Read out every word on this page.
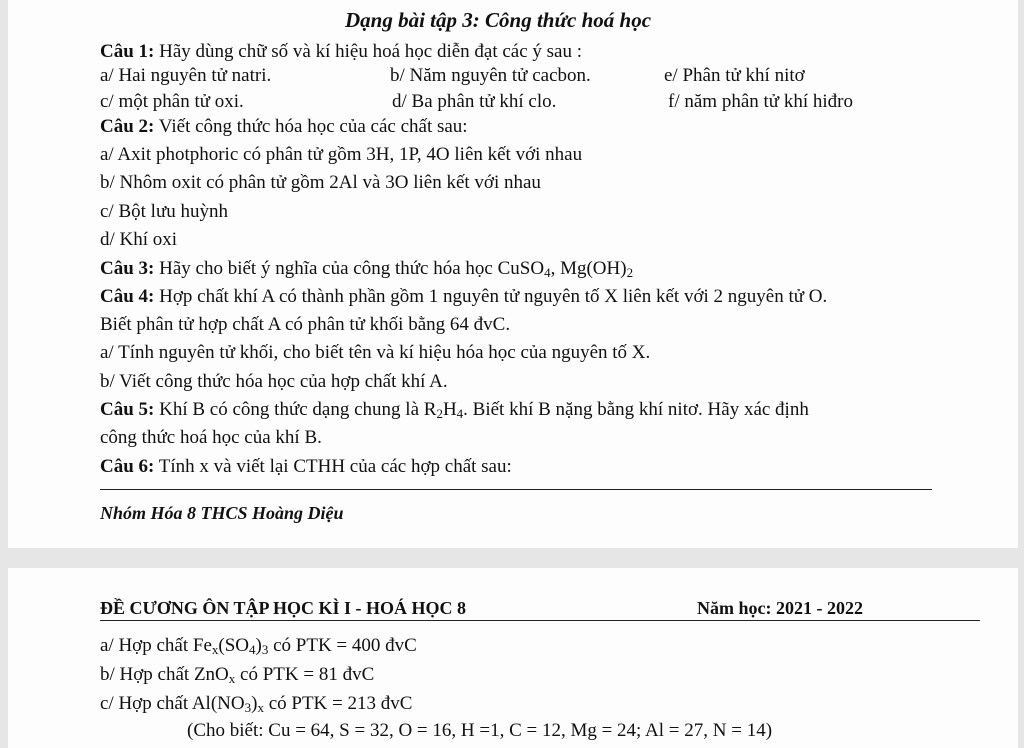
Dạng bài tập 3: Công thức hoá học
Câu 1: Hãy dùng chữ số và kí hiệu hoá học diễn đạt các ý sau :
a/ Hai nguyên tử natri.	b/ Năm nguyên tử cacbon.	e/ Phân tử khí nitơ
c/ một phân tử oxi.	d/ Ba phân tử khí clo.	f/ năm phân tử khí hiđro
Câu 2: Viết công thức hóa học của các chất sau:
a/ Axit photphoric có phân tử gồm 3H, 1P, 4O liên kết với nhau
b/ Nhôm oxit có phân tử gồm 2Al và 3O liên kết với nhau
c/ Bột lưu huỳnh
d/ Khí oxi
Câu 3: Hãy cho biết ý nghĩa của công thức hóa học CuSO$_4$, $Mg(OH)_2$
Câu 4: Hợp chất khí A có thành phần gồm 1 nguyên tử nguyên tố X liên kết với 2 nguyên tử O.
Biết phân tử hợp chất A có phân tử khối bằng 64 đvC.
a/ Tính nguyên tử khối, cho biết tên và kí hiệu hóa học của nguyên tố X.
b/ Viết công thức hóa học của hợp chất khí A.
Câu 5: Khí B có công thức dạng chung là $R_2H_4$. Biết khí B nặng bằng khí nitơ. Hãy xác định
công thức hoá học của khí B.
Câu 6: Tính x và viết lại CTHH của các hợp chất sau:
Nhóm Hóa 8 THCS Hoàng Diệu
ĐỀ CƯƠNG ÔN TẬP HỌC KÌ I - HOÁ HỌC 8	Năm học: 2021 - 2022
a/ Hợp chất $Fe_x(SO_4)_3$ có PTK = 400 đvC
b/ Hợp chất ZnO$_x$ có PTK = 81 đvC
c/ Hợp chất $Al(NO_3)_x$ có PTK = 213 đvC
(Cho biết: Cu = 64, S = 32, O = 16, H =1, C = 12, Mg = 24; Al = 27, N = 14)
